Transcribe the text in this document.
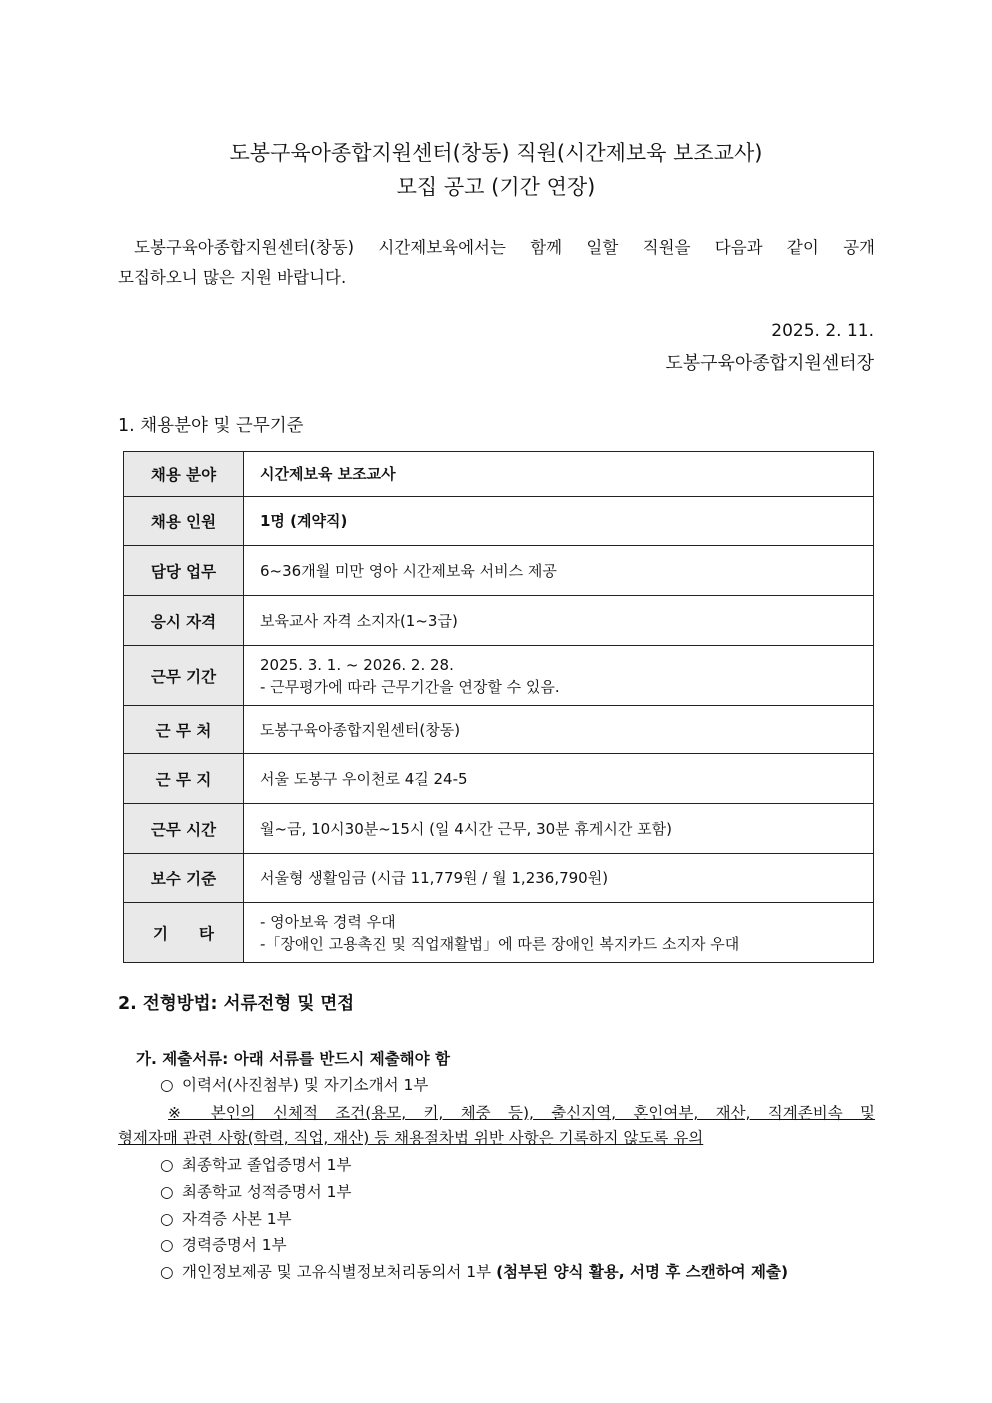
도봉구육아종합지원센터(창동) 직원(시간제보육 보조교사)
모집 공고 (기간 연장)
도봉구육아종합지원센터(창동) 시간제보육에서는 함께 일할 직원을 다음과 같이 공개
모집하오니 많은 지원 바랍니다.
2025. 2. 11.
도봉구육아종합지원센터장
1. 채용분야 및 근무기준
채용 분야	시간제보육 보조교사
채용 인원	1명 (계약직)
담당 업무	6~36개월 미만 영아 시간제보육 서비스 제공
응시 자격	보육교사 자격 소지자(1~3급)
근무 기간	2025. 3. 1. ~ 2026. 2. 28.
- 근무평가에 따라 근무기간을 연장할 수 있음.

근 무 처	도봉구육아종합지원센터(창동)
근 무 지	서울 도봉구 우이천로 4길 24-5
근무 시간	월~금, 10시30분~15시 (일 4시간 근무, 30분 휴게시간 포함)
보수 기준	서울형 생활임금 (시급 11,779원 / 월 1,236,790원)
기　　타	- 영아보육 경력 우대
-「장애인 고용촉진 및 직업재활법」에 따른 장애인 복지카드 소지자 우대
2. 전형방법: 서류전형 및 면접
가. 제출서류: 아래 서류를 반드시 제출해야 함
○ 이력서(사진첨부) 및 자기소개서 1부
※ 본인의 신체적 조건(용모, 키, 체중 등), 출신지역, 혼인여부, 재산, 직계존비속 및
형제자매 관련 사항(학력, 직업, 재산) 등 채용절차법 위반 사항은 기록하지 않도록 유의
○ 최종학교 졸업증명서 1부
○ 최종학교 성적증명서 1부
○ 자격증 사본 1부
○ 경력증명서 1부
○ 개인정보제공 및 고유식별정보처리동의서 1부 (첨부된 양식 활용, 서명 후 스캔하여 제출)
